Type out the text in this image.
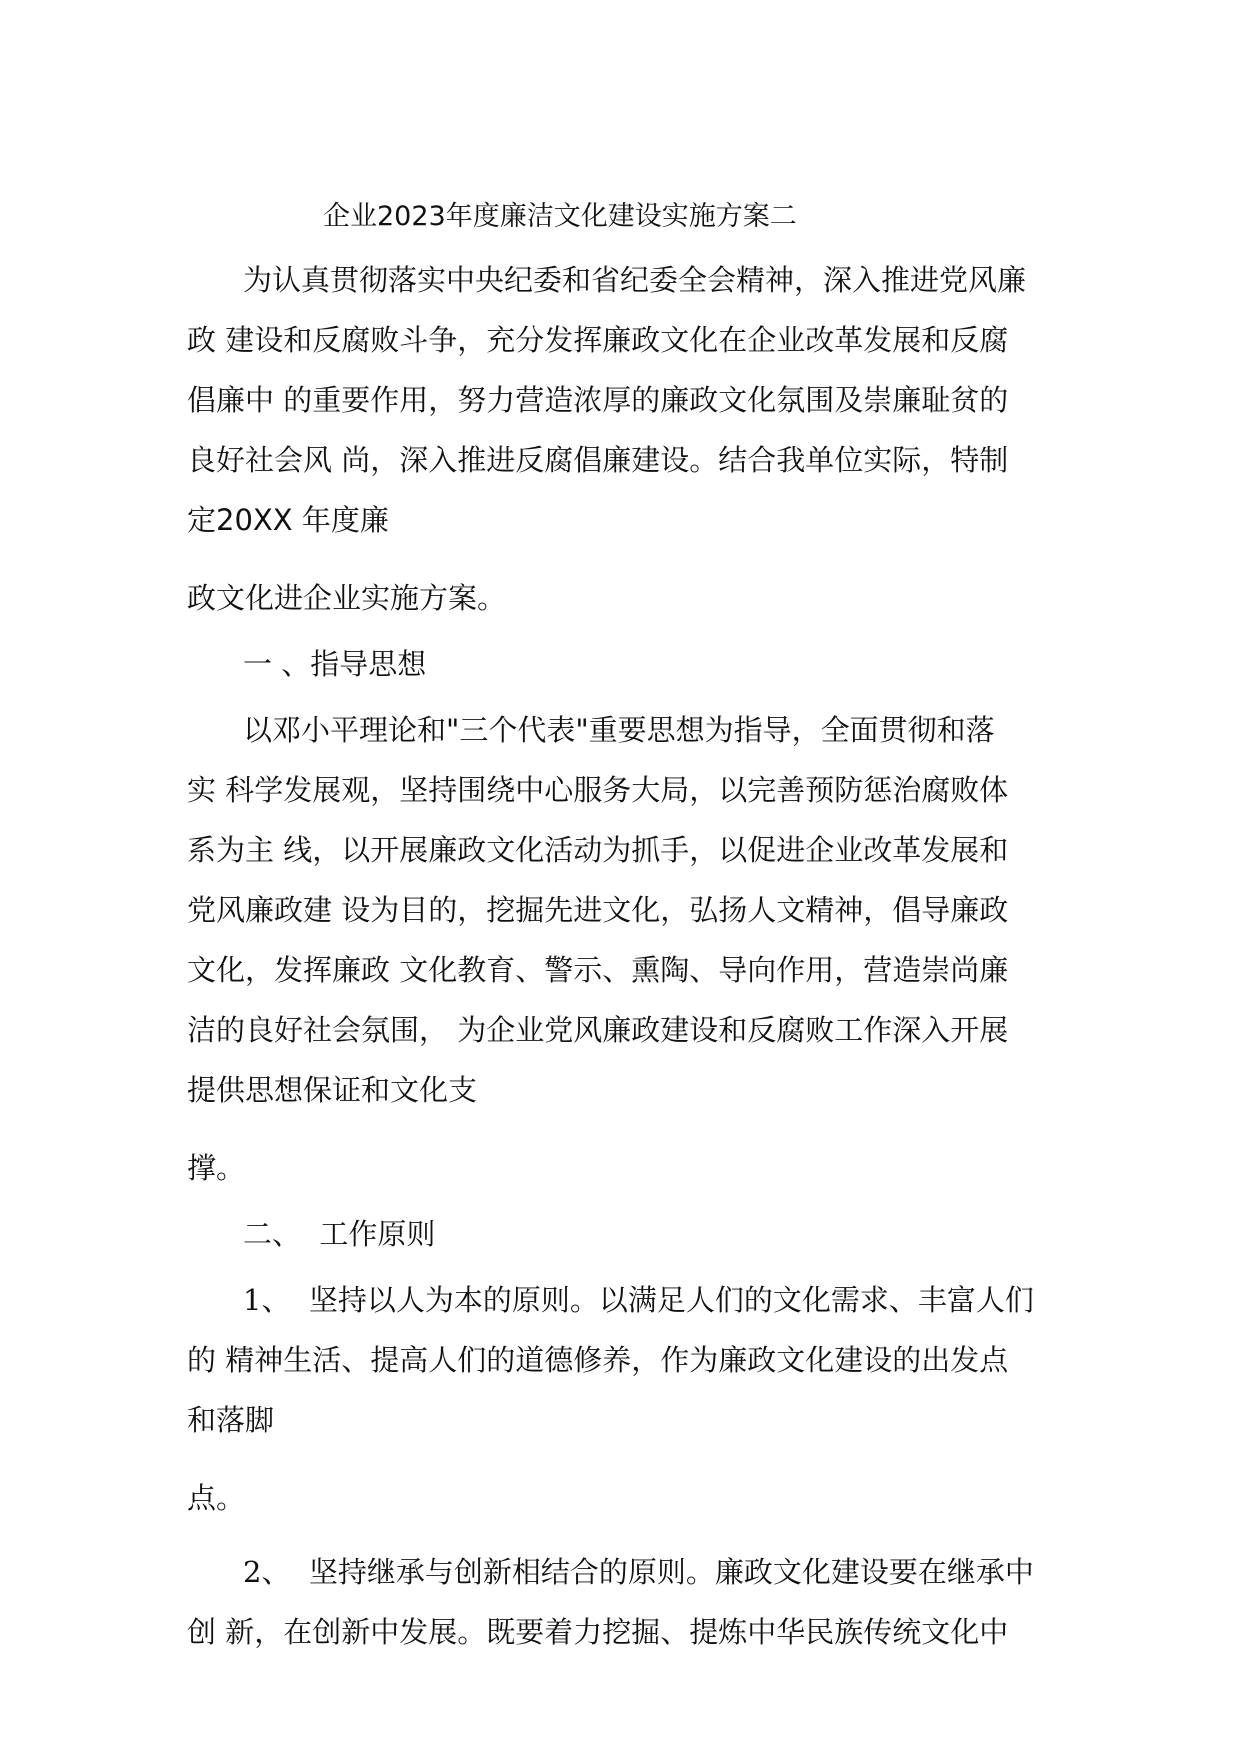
企业2023年度廉洁文化建设实施方案二
为认真贯彻落实中央纪委和省纪委全会精神，深入推进党风廉
政 建设和反腐败斗争，充分发挥廉政文化在企业改革发展和反腐
倡廉中 的重要作用，努力营造浓厚的廉政文化氛围及崇廉耻贫的
良好社会风 尚，深入推进反腐倡廉建设。结合我单位实际，特制
定20XX 年度廉
政文化进企业实施方案。
一 、指导思想
以邓小平理论和"三个代表"重要思想为指导，全面贯彻和落
实 科学发展观，坚持围绕中心服务大局，以完善预防惩治腐败体
系为主 线，以开展廉政文化活动为抓手，以促进企业改革发展和
党风廉政建 设为目的，挖掘先进文化，弘扬人文精神，倡导廉政
文化，发挥廉政 文化教育、警示、熏陶、导向作用，营造崇尚廉
洁的良好社会氛围， 为企业党风廉政建设和反腐败工作深入开展
提供思想保证和文化支
撑。
二、  工作原则
1、  坚持以人为本的原则。以满足人们的文化需求、丰富人们
的 精神生活、提高人们的道德修养，作为廉政文化建设的出发点
和落脚
点。
2、  坚持继承与创新相结合的原则。廉政文化建设要在继承中
创 新，在创新中发展。既要着力挖掘、提炼中华民族传统文化中
